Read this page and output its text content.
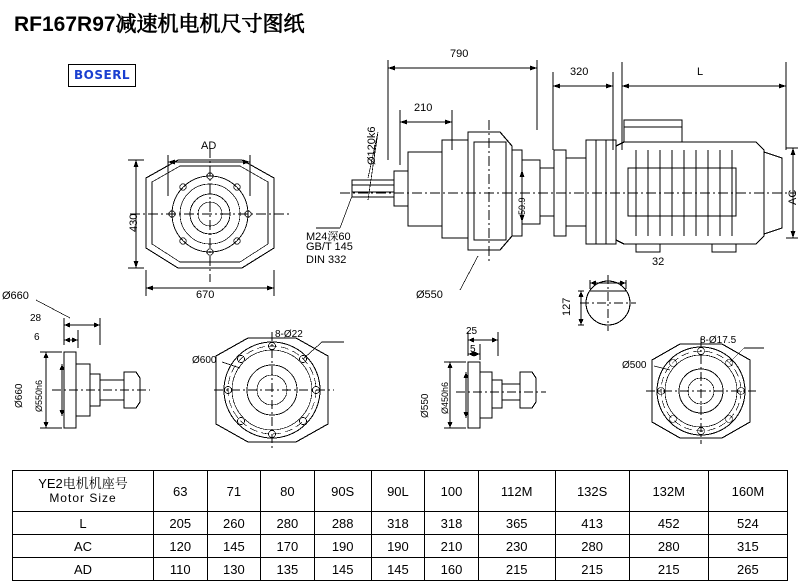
RF167R97减速机电机尺寸图纸
BOSERL
AD
430
670
790
320	L
Ø120k6
210
59.9
AC
M24深60
GB/T 145
DIN 332
Ø550
32
127
Ø660
28
6
Ø660 Ø550h6
8-Ø22
Ø600
25
5
Ø550 Ø450h6
8-Ø17.5
Ø500
YE2电机机座号
Motor Size	63	71	80	90S	90L	100	112M	132S	132M	160M
L	205	260	280	288	318	318	365	413	452	524
AC	120	145	170	190	190	210	230	280	280	315
AD	110	130	135	145	145	160	215	215	215	265
